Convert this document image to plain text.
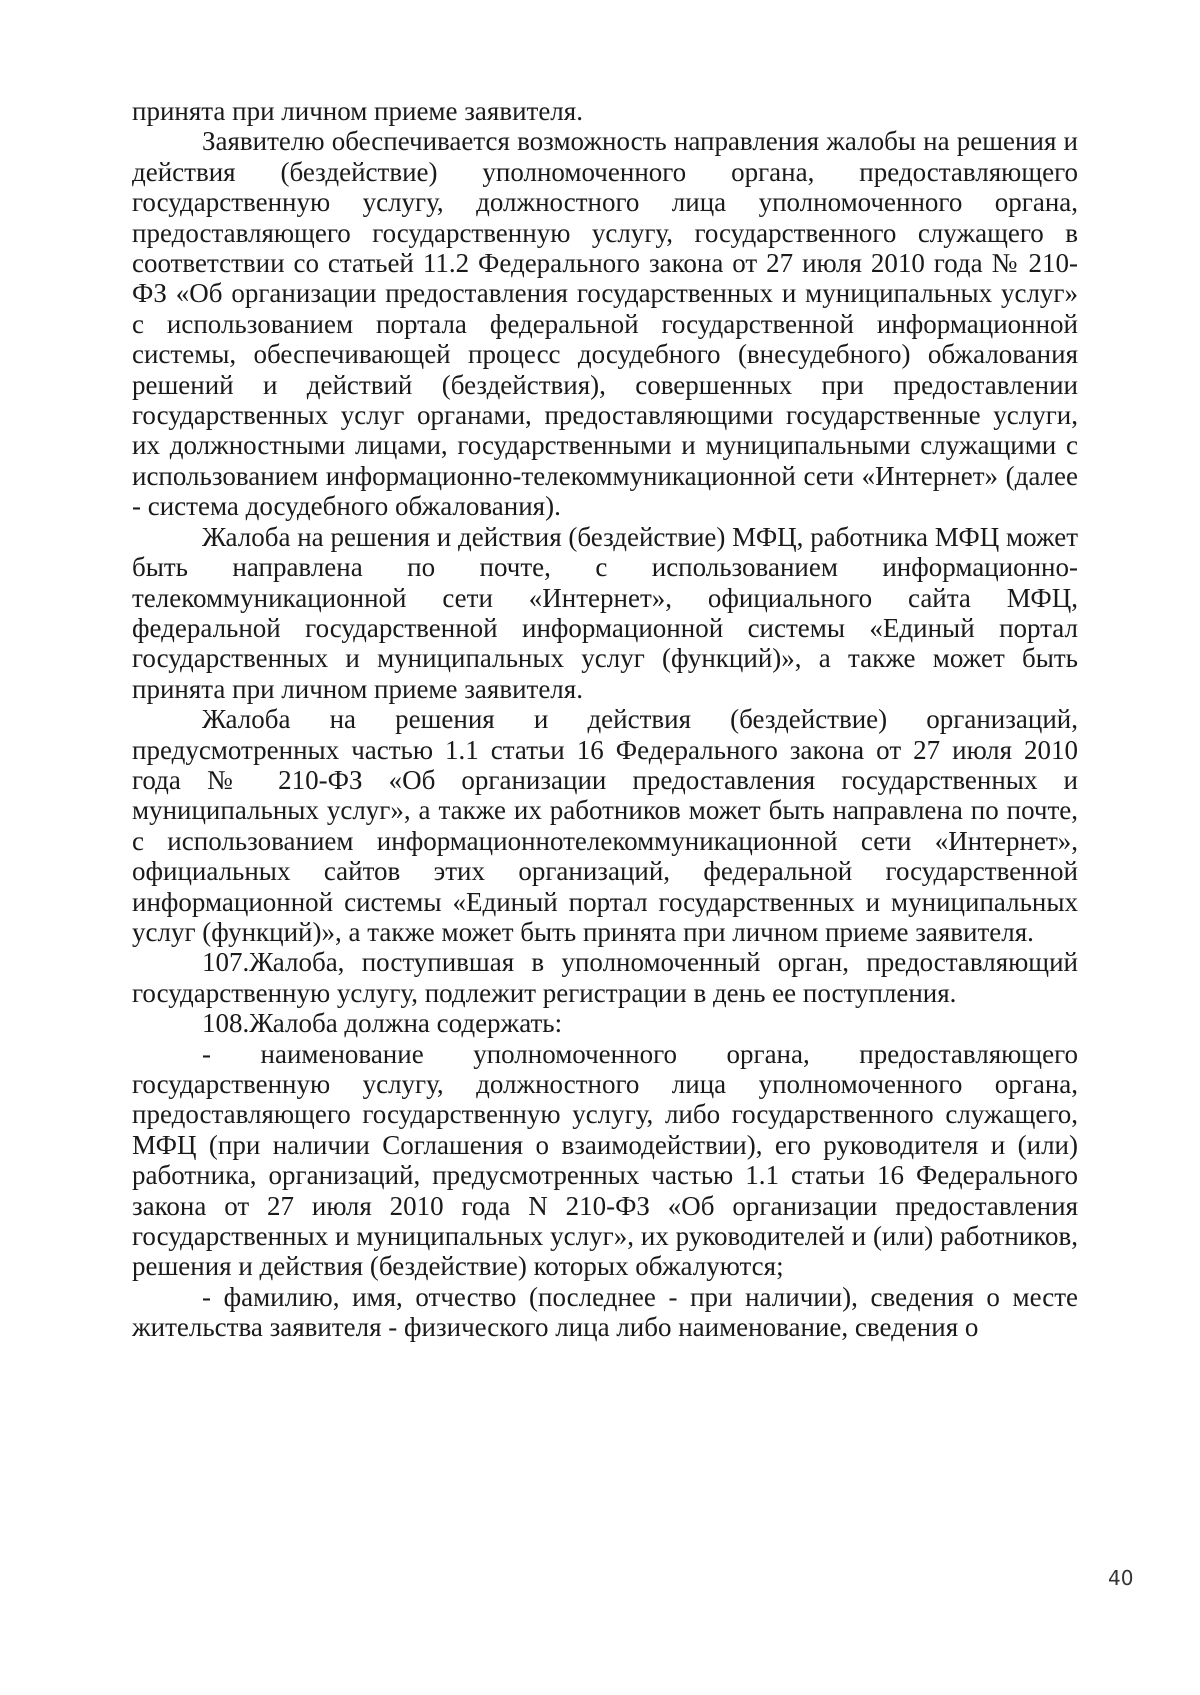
принята при личном приеме заявителя.

Заявителю обеспечивается возможность направления жалобы на решения и действия (бездействие) уполномоченного органа, предоставляющего государственную услугу, должностного лица уполномоченного органа, предоставляющего государственную услугу, государственного служащего в соответствии со статьей 11.2 Федерального закона от 27 июля 2010 года № 210-ФЗ «Об организации предоставления государственных и муниципальных услуг» с использованием портала федеральной государственной информационной системы, обеспечивающей процесс досудебного (внесудебного) обжалования решений и действий (бездействия), совершенных при предоставлении государственных услуг органами, предоставляющими государственные услуги, их должностными лицами, государственными и муниципальными служащими с использованием информационно-телекоммуникационной сети «Интернет» (далее - система досудебного обжалования).

Жалоба на решения и действия (бездействие) МФЦ, работника МФЦ может быть направлена по почте, с использованием информационно-телекоммуникационной сети «Интернет», официального сайта МФЦ, федеральной государственной информационной системы «Единый портал государственных и муниципальных услуг (функций)», а также может быть принята при личном приеме заявителя.

Жалоба на решения и действия (бездействие) организаций, предусмотренных частью 1.1 статьи 16 Федерального закона от 27 июля 2010 года № 210-ФЗ «Об организации предоставления государственных и муниципальных услуг», а также их работников может быть направлена по почте, с использованием информационнотелекоммуникационной сети «Интернет», официальных сайтов этих организаций, федеральной государственной информационной системы «Единый портал государственных и муниципальных услуг (функций)», а также может быть принята при личном приеме заявителя.

107.Жалоба, поступившая в уполномоченный орган, предоставляющий государственную услугу, подлежит регистрации в день ее поступления.

108.Жалоба должна содержать:

- наименование уполномоченного органа, предоставляющего государственную услугу, должностного лица уполномоченного органа, предоставляющего государственную услугу, либо государственного служащего, МФЦ (при наличии Соглашения о взаимодействии), его руководителя и (или) работника, организаций, предусмотренных частью 1.1 статьи 16 Федерального закона от 27 июля 2010 года N 210-ФЗ «Об организации предоставления государственных и муниципальных услуг», их руководителей и (или) работников, решения и действия (бездействие) которых обжалуются;

- фамилию, имя, отчество (последнее - при наличии), сведения о месте жительства заявителя - физического лица либо наименование, сведения о

40
